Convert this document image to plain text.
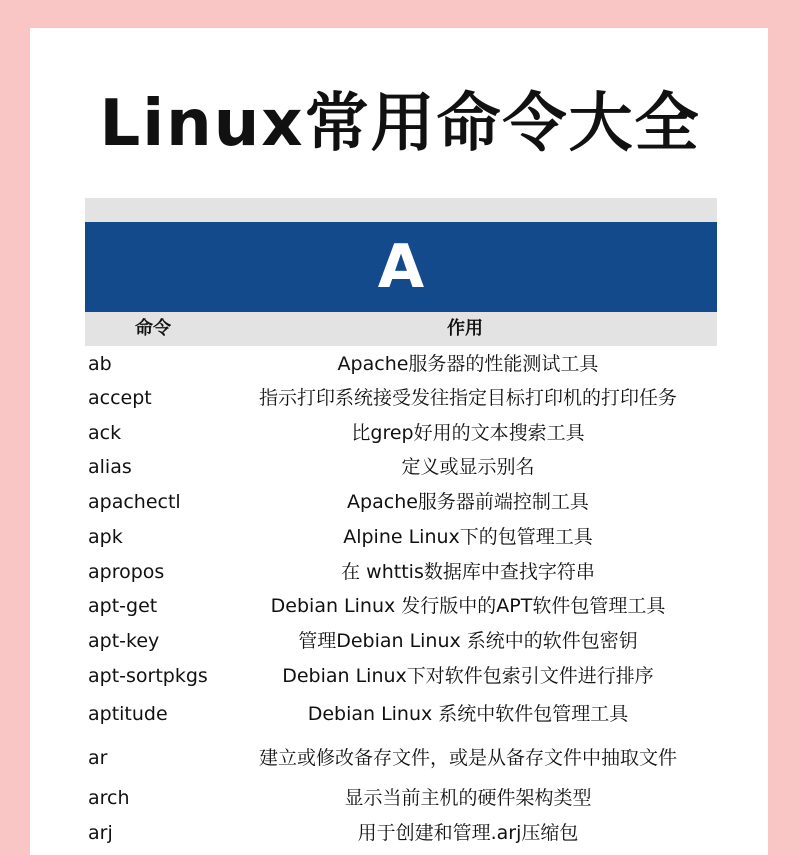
Linux常用命令大全
A
命令	作用
ab	Apache服务器的性能测试工具
accept	指示打印系统接受发往指定目标打印机的打印任务
ack	比grep好用的文本搜索工具
alias	定义或显示别名
apachectl	Apache服务器前端控制工具
apk	Alpine Linux下的包管理工具
apropos	在 whttis数据库中查找字符串
apt-get	Debian Linux 发行版中的APT软件包管理工具
apt-key	管理Debian Linux 系统中的软件包密钥
apt-sortpkgs	Debian Linux下对软件包索引文件进行排序
aptitude	Debian Linux 系统中软件包管理工具
ar	建立或修改备存文件，或是从备存文件中抽取文件
arch	显示当前主机的硬件架构类型
arj	用于创建和管理.arj压缩包
